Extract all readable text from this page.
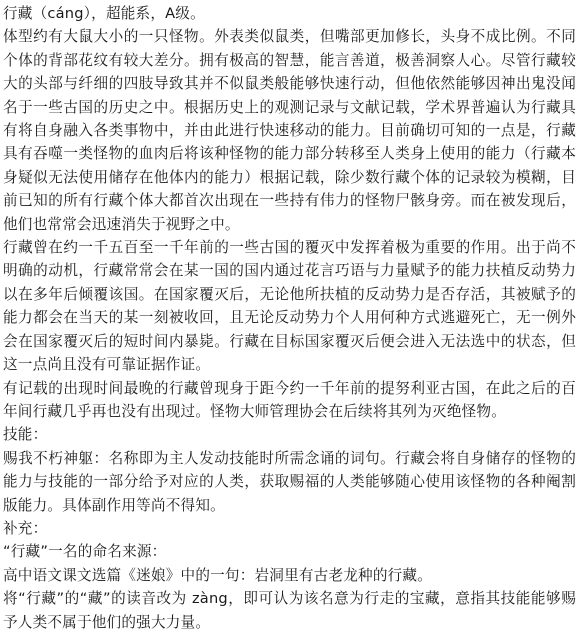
行藏（cáng），超能系，A级。

体型约有大鼠大小的一只怪物。外表类似鼠类，但嘴部更加修长，头身不成比例。不同个体的背部花纹有较大差分。拥有极高的智慧，能言善道，极善洞察人心。尽管行藏较大的头部与纤细的四肢导致其并不似鼠类般能够快速行动，但他依然能够因神出鬼没闻名于一些古国的历史之中。根据历史上的观测记录与文献记载，学术界普遍认为行藏具有将自身融入各类事物中，并由此进行快速移动的能力。目前确切可知的一点是，行藏具有吞噬一类怪物的血肉后将该种怪物的能力部分转移至人类身上使用的能力（行藏本身疑似无法使用储存在他体内的能力）根据记载，除少数行藏个体的记录较为模糊，目前已知的所有行藏个体大都首次出现在一些持有伟力的怪物尸骸身旁。而在被发现后，他们也常常会迅速消失于视野之中。

行藏曾在约一千五百至一千年前的一些古国的覆灭中发挥着极为重要的作用。出于尚不明确的动机，行藏常常会在某一国的国内通过花言巧语与力量赋予的能力扶植反动势力以在多年后倾覆该国。在国家覆灭后，无论他所扶植的反动势力是否存活，其被赋予的能力都会在当天的某一刻被收回，且无论反动势力个人用何种方式逃避死亡，无一例外会在国家覆灭后的短时间内暴毙。行藏在目标国家覆灭后便会进入无法选中的状态，但这一点尚且没有可靠证据作证。

有记载的出现时间最晚的行藏曾现身于距今约一千年前的提努利亚古国，在此之后的百年间行藏几乎再也没有出现过。怪物大师管理协会在后续将其列为灭绝怪物。

技能：

赐我不朽神躯：名称即为主人发动技能时所需念诵的词句。行藏会将自身储存的怪物的能力与技能的一部分给予对应的人类，获取赐福的人类能够随心使用该怪物的各种阉割版能力。具体副作用等尚不得知。

补充：

“行藏”一名的命名来源：

高中语文课文选篇《迷娘》中的一句：岩洞里有古老龙种的行藏。

将“行藏”的“藏”的读音改为 zàng，即可认为该名意为行走的宝藏，意指其技能能够赐予人类不属于他们的强大力量。
